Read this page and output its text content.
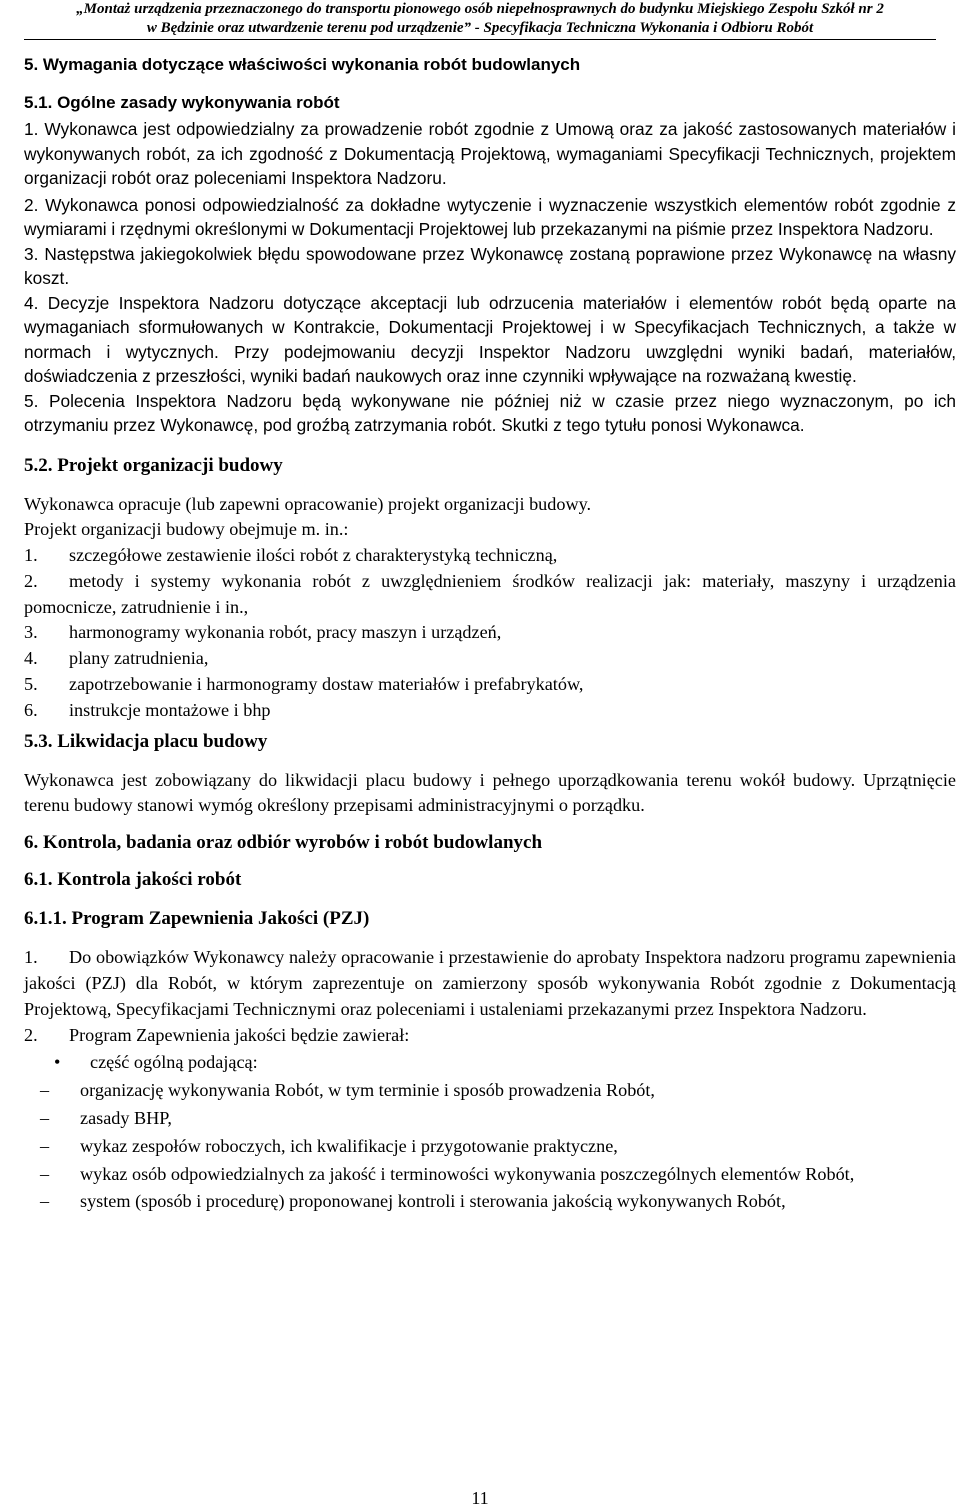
„Montaż urządzenia przeznaczonego do transportu pionowego osób niepełnosprawnych do budynku Miejskiego Zespołu Szkół nr 2
w Będzinie oraz utwardzenie terenu pod urządzenie” - Specyfikacja Techniczna Wykonania i Odbioru Robót

5. Wymagania dotyczące właściwości wykonania robót budowlanych

5.1. Ogólne zasady wykonywania robót

1. Wykonawca jest odpowiedzialny za prowadzenie robót zgodnie z Umową oraz za jakość zastosowanych materiałów i wykonywanych robót, za ich zgodność z Dokumentacją Projektową, wymaganiami Specyfikacji Technicznych, projektem organizacji robót oraz poleceniami Inspektora Nadzoru.

2. Wykonawca ponosi odpowiedzialność za dokładne wytyczenie i wyznaczenie wszystkich elementów robót zgodnie z wymiarami i rzędnymi określonymi w Dokumentacji Projektowej lub przekazanymi na piśmie przez Inspektora Nadzoru.

3. Następstwa jakiegokolwiek błędu spowodowane przez Wykonawcę zostaną poprawione przez Wykonawcę na własny koszt.

4. Decyzje Inspektora Nadzoru dotyczące akceptacji lub odrzucenia materiałów i elementów robót będą oparte na wymaganiach sformułowanych w Kontrakcie, Dokumentacji Projektowej i w Specyfikacjach Technicznych, a także w normach i wytycznych. Przy podejmowaniu decyzji Inspektor Nadzoru uwzględni wyniki badań, materiałów, doświadczenia z przeszłości, wyniki badań naukowych oraz inne czynniki wpływające na rozważaną kwestię.

5. Polecenia Inspektora Nadzoru będą wykonywane nie później niż w czasie przez niego wyznaczonym, po ich otrzymaniu przez Wykonawcę, pod groźbą zatrzymania robót. Skutki z tego tytułu ponosi Wykonawca.

5.2. Projekt organizacji budowy

Wykonawca opracuje (lub zapewni opracowanie) projekt organizacji budowy.

Projekt organizacji budowy obejmuje m. in.:

1. szczegółowe zestawienie ilości robót z charakterystyką techniczną,

2. metody i systemy wykonania robót z uwzględnieniem środków realizacji jak: materiały, maszyny i urządzenia pomocnicze, zatrudnienie i in.,

3. harmonogramy wykonania robót, pracy maszyn i urządzeń,

4. plany zatrudnienia,

5. zapotrzebowanie i harmonogramy dostaw materiałów i prefabrykatów,

6. instrukcje montażowe i bhp

5.3. Likwidacja placu budowy

Wykonawca jest zobowiązany do likwidacji placu budowy i pełnego uporządkowania terenu wokół budowy. Uprzątnięcie terenu budowy stanowi wymóg określony przepisami administracyjnymi o porządku.

6. Kontrola, badania oraz odbiór wyrobów i robót budowlanych

6.1. Kontrola jakości robót

6.1.1. Program Zapewnienia Jakości (PZJ)

1. Do obowiązków Wykonawcy należy opracowanie i przestawienie do aprobaty Inspektora nadzoru programu zapewnienia jakości (PZJ) dla Robót, w którym zaprezentuje on zamierzony sposób wykonywania Robót zgodnie z Dokumentacją Projektową, Specyfikacjami Technicznymi oraz poleceniami i ustaleniami przekazanymi przez Inspektora Nadzoru.

2. Program Zapewnienia jakości będzie zawierał:

• część ogólną podającą:

– organizację wykonywania Robót, w tym terminie i sposób prowadzenia Robót,

– zasady BHP,

– wykaz zespołów roboczych, ich kwalifikacje i przygotowanie praktyczne,

– wykaz osób odpowiedzialnych za jakość i terminowości wykonywania poszczególnych elementów Robót,

– system (sposób i procedurę) proponowanej kontroli i sterowania jakością wykonywanych Robót,

11
